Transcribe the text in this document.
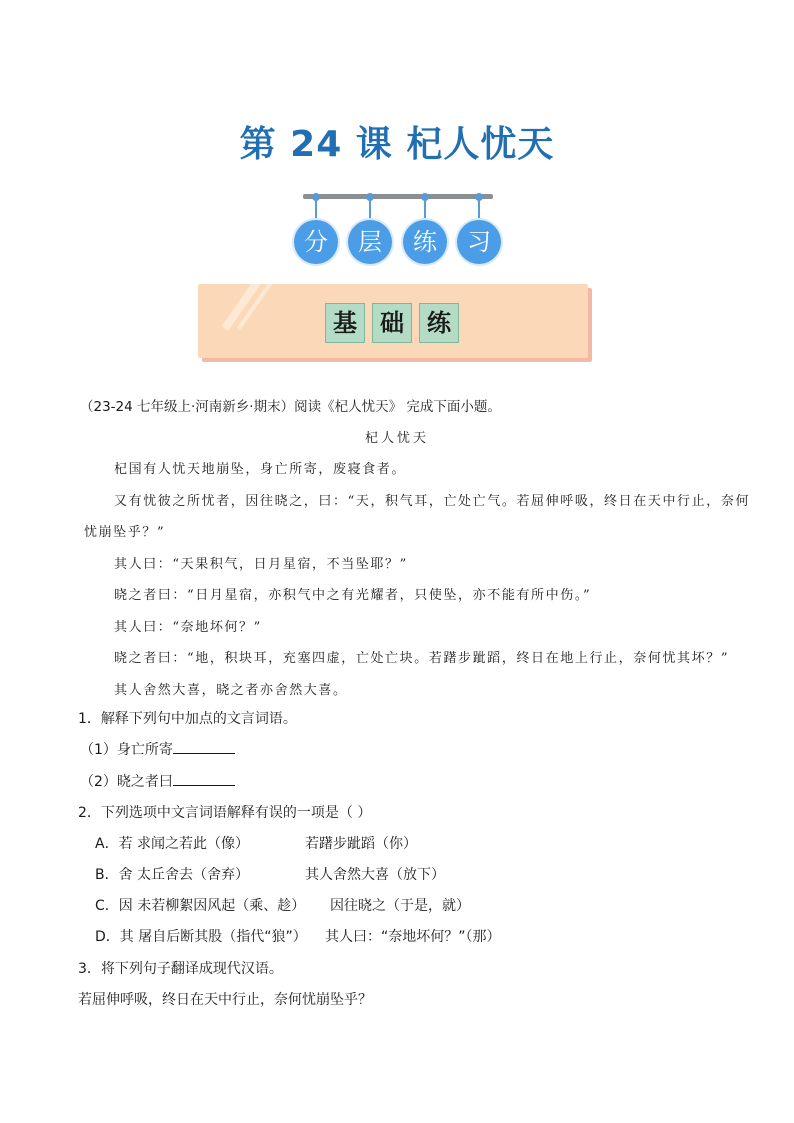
第 24 课 杞人忧天
分	层	练	习
基 础 练
（23-24 七年级上·河南新乡·期末）阅读《杞人忧天》 完成下面小题。
杞人忧天
杞国有人忧天地崩坠，身亡所寄，废寝食者。
又有忧彼之所忧者，因往晓之，曰：“天，积气耳，亡处亡气。若屈伸呼吸，终日在天中行止，奈何
忧崩坠乎？”
其人曰：“天果积气，日月星宿，不当坠耶？”
晓之者曰：“日月星宿，亦积气中之有光耀者，只使坠，亦不能有所中伤。”
其人曰：“奈地坏何？”
晓之者曰：“地，积块耳，充塞四虚，亡处亡块。若躇步跐蹈，终日在地上行止，奈何忧其坏？”
其人舍然大喜，晓之者亦舍然大喜。
1．解释下列句中加点的文言词语。
（1）身亡所寄
（2）晓之者曰
2．下列选项中文言词语解释有误的一项是（ ）
A．若 求闻之若此（像）	若躇步跐蹈（你）
B．舍 太丘舍去（舍弃）	其人舍然大喜（放下）
C．因 未若柳絮因风起（乘、趁） 因往晓之（于是，就）
D．其 屠自后断其股（指代“狼”） 其人曰：“奈地坏何？”（那）
3．将下列句子翻译成现代汉语。
若屈伸呼吸，终日在天中行止，奈何忧崩坠乎？
